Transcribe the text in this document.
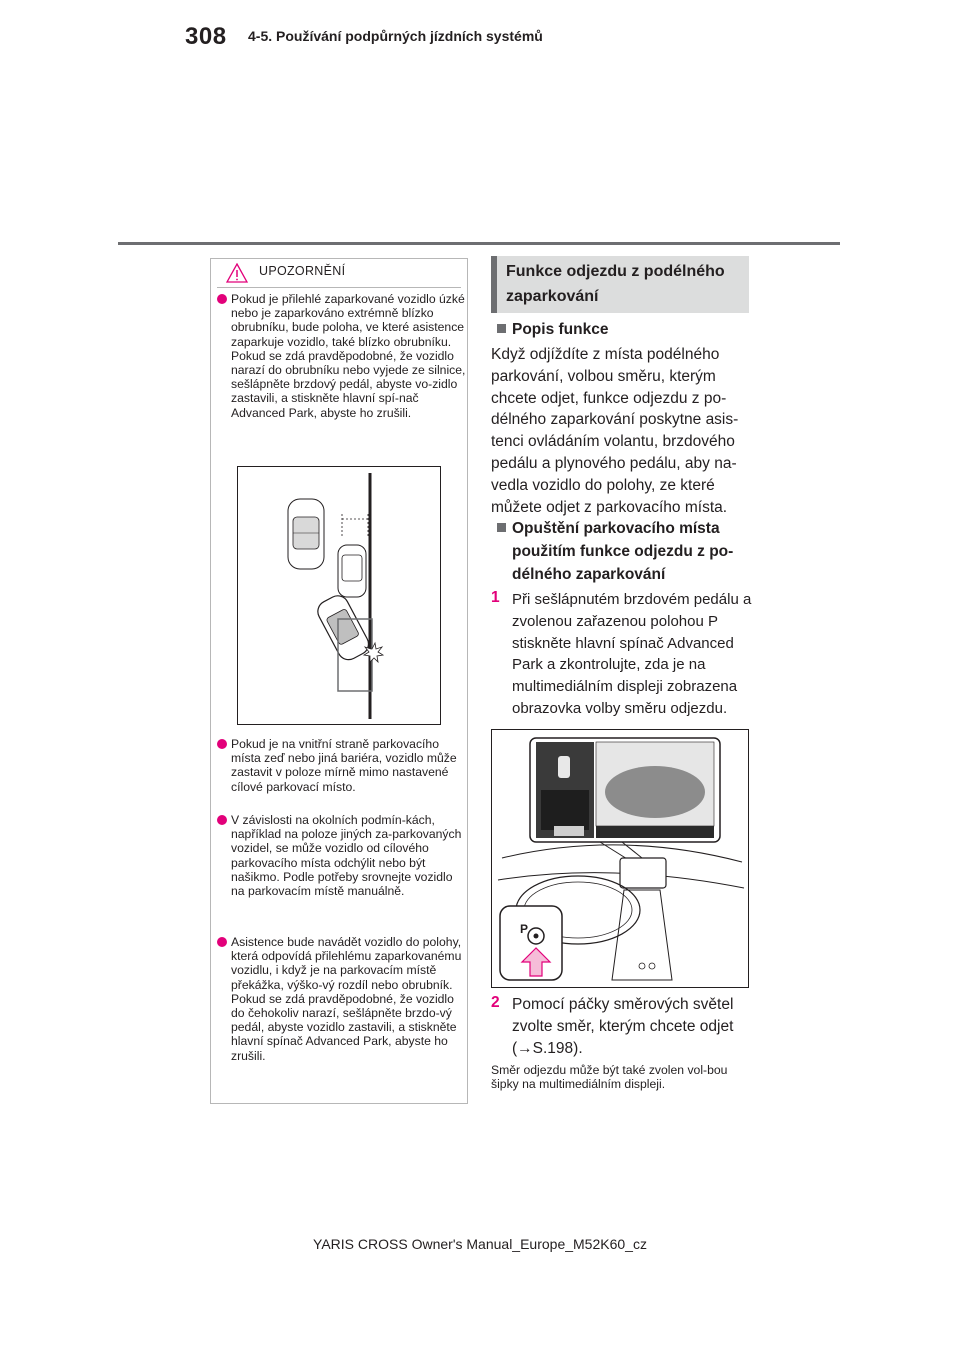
308 4-5. Používání podpůrných jízdních systémů
UPOZORNĚNÍ
Pokud je přilehlé zaparkované vozidlo úzké nebo je zaparkováno extrémně blízko obrubníku, bude poloha, ve které asistence zaparkuje vozidlo, také blízko obrubníku. Pokud se zdá pravděpodobné, že vozidlo narazí do obrubníku nebo vyjede ze silnice, sešlápněte brzdový pedál, abyste vo-zidlo zastavili, a stiskněte hlavní spí-nač Advanced Park, abyste ho zrušili.
Pokud je na vnitřní straně parkovacího místa zeď nebo jiná bariéra, vozidlo může zastavit v poloze mírně mimo nastavené cílové parkovací místo.
V závislosti na okolních podmín-kách, například na poloze jiných za-parkovaných vozidel, se může vozidlo od cílového parkovacího místa odchýlit nebo být našikmo. Podle potřeby srovnejte vozidlo na parkovacím místě manuálně.
Asistence bude navádět vozidlo do polohy, která odpovídá přilehlému zaparkovanému vozidlu, i když je na parkovacím místě překážka, výško-vý rozdíl nebo obrubník. Pokud se zdá pravděpodobné, že vozidlo do čehokoliv narazí, sešlápněte brzdo-vý pedál, abyste vozidlo zastavili, a stiskněte hlavní spínač Advanced Park, abyste ho zrušili.
Funkce odjezdu z podélného zaparkování
Popis funkce
Když odjíždíte z místa podélného parkování, volbou směru, kterým chcete odjet, funkce odjezdu z po-délného zaparkování poskytne asis-tenci ovládáním volantu, brzdového pedálu a plynového pedálu, aby na-vedla vozidlo do polohy, ze které můžete odjet z parkovacího místa.
Opuštění parkovacího místa použitím funkce odjezdu z po-délného zaparkování
1 Při sešlápnutém brzdovém pedálu a zvolenou zařazenou polohou P stiskněte hlavní spínač Advanced Park a zkontrolujte, zda je na multimediálním displeji zobrazena obrazovka volby směru odjezdu.
P
2 Pomocí páčky směrových světel zvolte směr, kterým chcete odjet (→S.198).
Směr odjezdu může být také zvolen vol-bou šipky na multimediálním displeji.
YARIS CROSS Owner's Manual_Europe_M52K60_cz
